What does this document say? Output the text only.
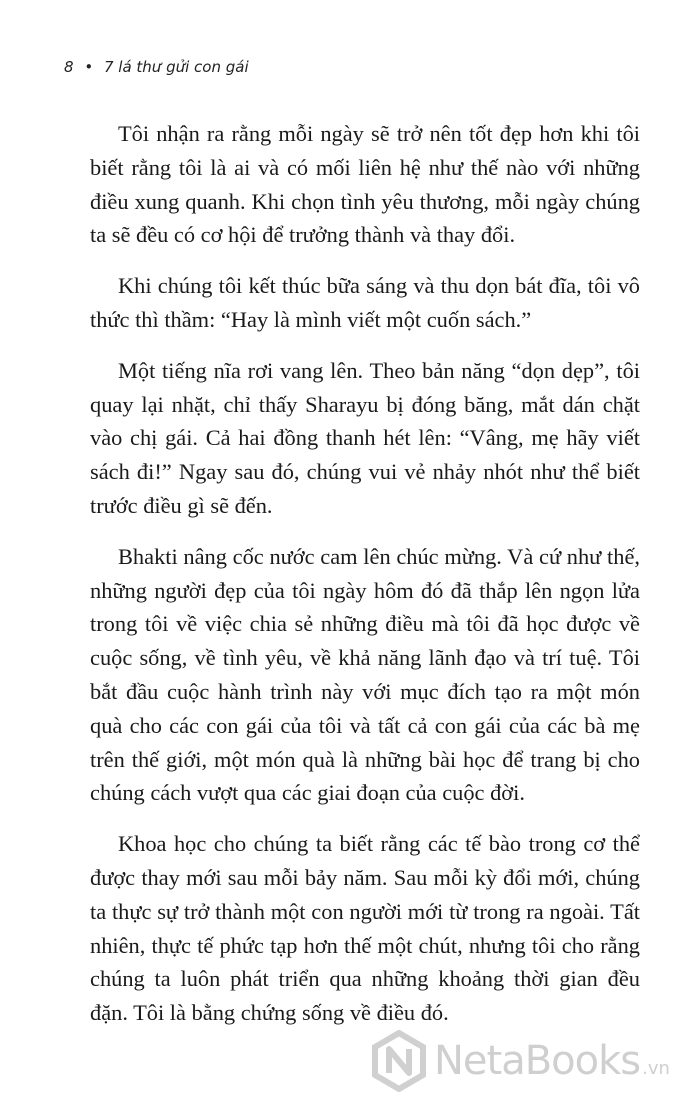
8 • 7 lá thư gửi con gái

Tôi nhận ra rằng mỗi ngày sẽ trở nên tốt đẹp hơn khi tôi biết rằng tôi là ai và có mối liên hệ như thế nào với những điều xung quanh. Khi chọn tình yêu thương, mỗi ngày chúng ta sẽ đều có cơ hội để trưởng thành và thay đổi.

Khi chúng tôi kết thúc bữa sáng và thu dọn bát đĩa, tôi vô thức thì thầm: “Hay là mình viết một cuốn sách.”

Một tiếng nĩa rơi vang lên. Theo bản năng “dọn dẹp”, tôi quay lại nhặt, chỉ thấy Sharayu bị đóng băng, mắt dán chặt vào chị gái. Cả hai đồng thanh hét lên: “Vâng, mẹ hãy viết sách đi!” Ngay sau đó, chúng vui vẻ nhảy nhót như thể biết trước điều gì sẽ đến.

Bhakti nâng cốc nước cam lên chúc mừng. Và cứ như thế, những người đẹp của tôi ngày hôm đó đã thắp lên ngọn lửa trong tôi về việc chia sẻ những điều mà tôi đã học được về cuộc sống, về tình yêu, về khả năng lãnh đạo và trí tuệ. Tôi bắt đầu cuộc hành trình này với mục đích tạo ra một món quà cho các con gái của tôi và tất cả con gái của các bà mẹ trên thế giới, một món quà là những bài học để trang bị cho chúng cách vượt qua các giai đoạn của cuộc đời.

Khoa học cho chúng ta biết rằng các tế bào trong cơ thể được thay mới sau mỗi bảy năm. Sau mỗi kỳ đổi mới, chúng ta thực sự trở thành một con người mới từ trong ra ngoài. Tất nhiên, thực tế phức tạp hơn thế một chút, nhưng tôi cho rằng chúng ta luôn phát triển qua những khoảng thời gian đều đặn. Tôi là bằng chứng sống về điều đó.

NetaBooks .vn
